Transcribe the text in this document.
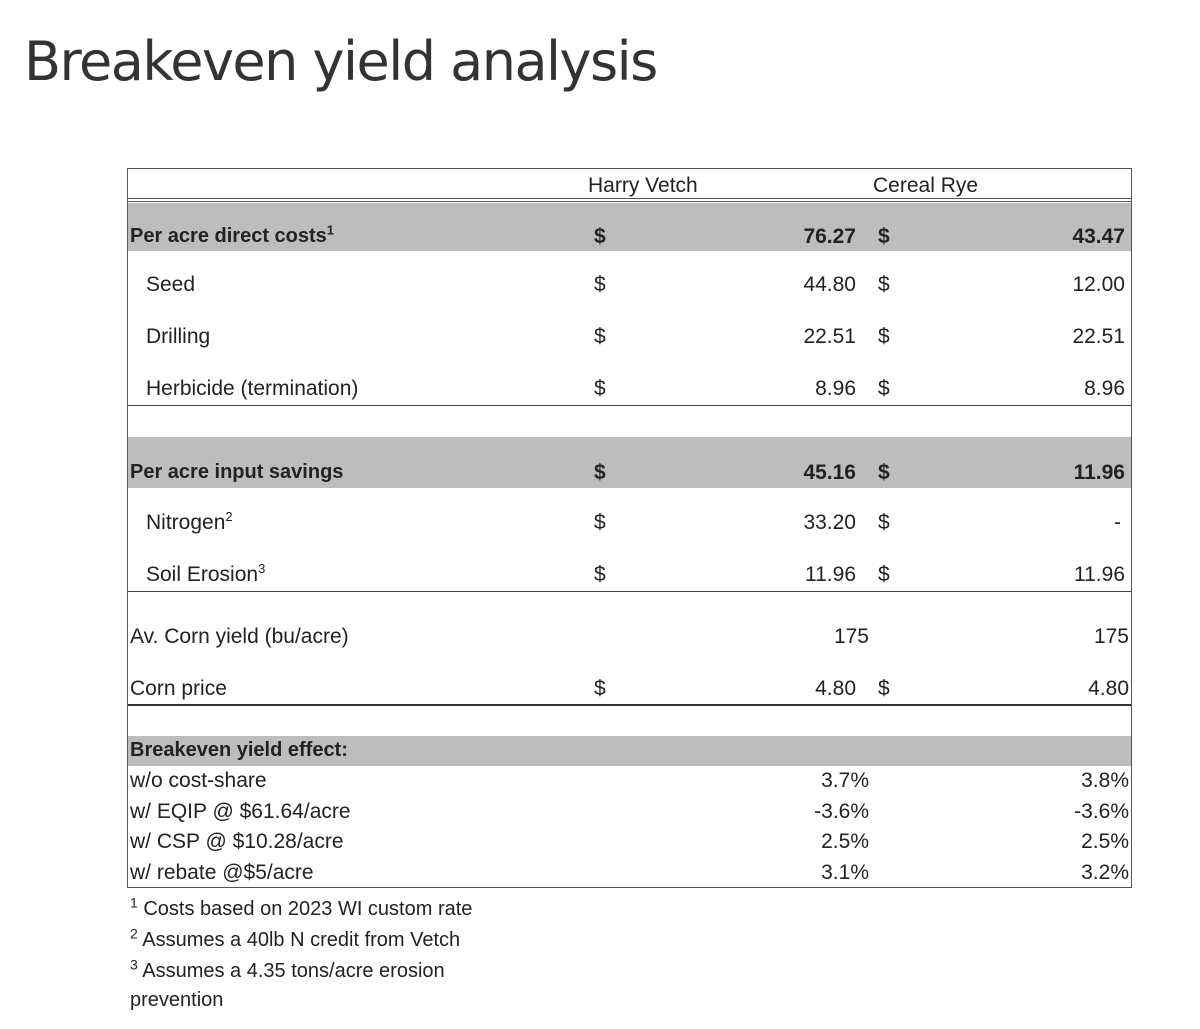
Breakeven yield analysis
Harry Vetch	Cereal Rye
Per acre direct costs$^1$	$	76.27 $	43.47
Seed	$	44.80 $	12.00
Drilling	$	22.51 $	22.51
Herbicide (termination)	$	8.96 $	8.96
Per acre input savings	$	45.16 $	11.96
Nitrogen$^2$	$	33.20 $	-
Soil Erosion$^3$	$	11.96 $	11.96
Av. Corn yield (bu/acre)	175	175
Corn price	$	4.80 $	4.80
Breakeven yield effect:
w/o cost-share	3.7%	3.8%
w/ EQIP @ $61.64/acre	-3.6%	-3.6%
w/ CSP @ $10.28/acre	2.5%	2.5%
w/ rebate @$5/acre	3.1%	3.2%
$^1$ Costs based on 2023 WI custom rate
$^2$ Assumes a 40lb N credit from Vetch
$^3$ Assumes a 4.35 tons/acre erosion
prevention
